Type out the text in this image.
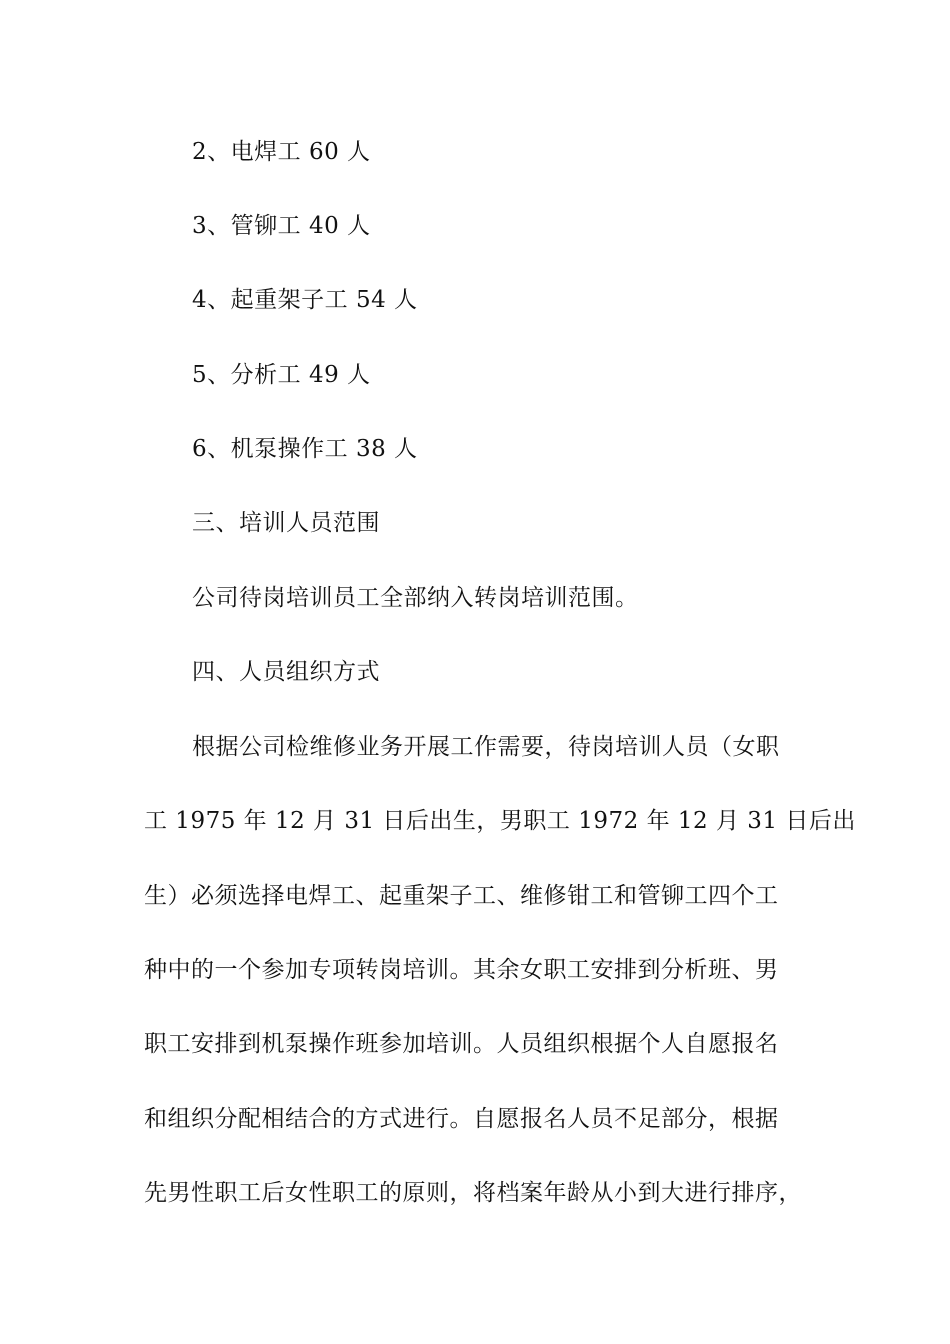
2、电焊工 60 人
3、管铆工 40 人
4、起重架子工 54 人
5、分析工 49 人
6、机泵操作工 38 人
三、培训人员范围
公司待岗培训员工全部纳入转岗培训范围。
四、人员组织方式
根据公司检维修业务开展工作需要，待岗培训人员（女职
工 1975 年 12 月 31 日后出生，男职工 1972 年 12 月 31 日后出
生）必须选择电焊工、起重架子工、维修钳工和管铆工四个工
种中的一个参加专项转岗培训。其余女职工安排到分析班、男
职工安排到机泵操作班参加培训。人员组织根据个人自愿报名
和组织分配相结合的方式进行。自愿报名人员不足部分，根据
先男性职工后女性职工的原则，将档案年龄从小到大进行排序，
